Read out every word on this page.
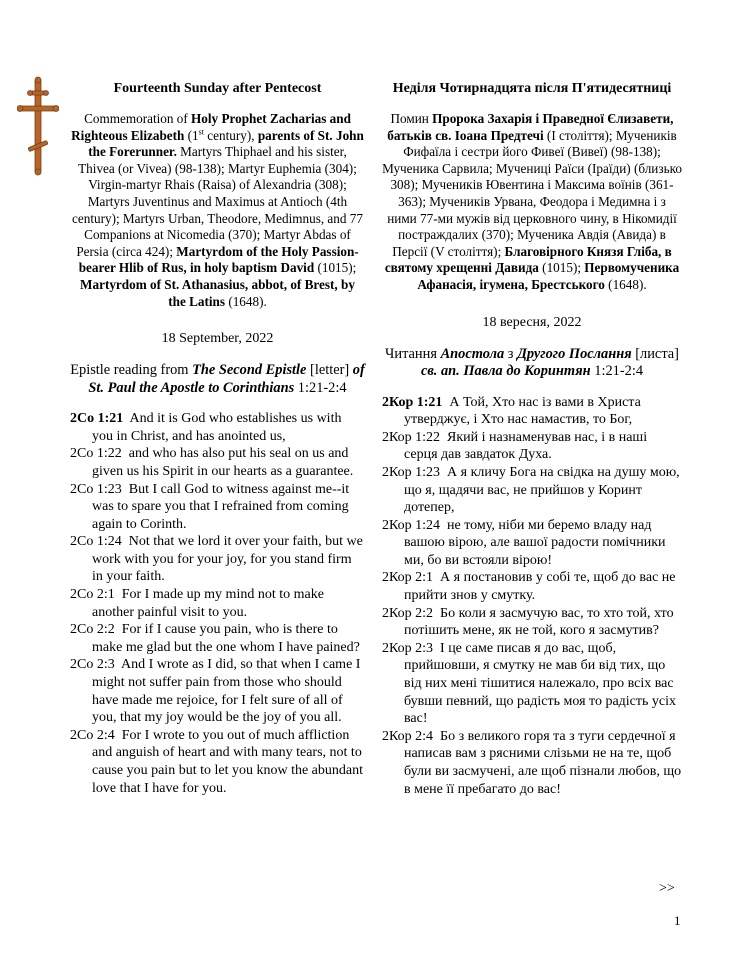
Fourteenth Sunday after Pentecost

Commemoration of Holy Prophet Zacharias and Righteous Elizabeth (1st century), parents of St. John the Forerunner. Martyrs Thiphael and his sister, Thivea (or Vivea) (98-138); Martyr Euphemia (304); Virgin-martyr Rhais (Raisa) of Alexandria (308); Martyrs Juventinus and Maximus at Antioch (4th century); Martyrs Urban, Theodore, Medimnus, and 77 Companions at Nicomedia (370); Martyr Abdas of Persia (circa 424); Martyrdom of the Holy Passion-bearer Hlib of Rus, in holy baptism David (1015); Martyrdom of St. Athanasius, abbot, of Brest, by the Latins (1648).
18 September, 2022
Epistle reading from The Second Epistle [letter] of St. Paul the Apostle to Corinthians 1:21-2:4

2Co 1:21 And it is God who establishes us with you in Christ, and has anointed us,

2Co 1:22 and who has also put his seal on us and given us his Spirit in our hearts as a guarantee.

2Co 1:23 But I call God to witness against me--it was to spare you that I refrained from coming again to Corinth.

2Co 1:24 Not that we lord it over your faith, but we work with you for your joy, for you stand firm in your faith.

2Co 2:1 For I made up my mind not to make another painful visit to you.

2Co 2:2 For if I cause you pain, who is there to make me glad but the one whom I have pained?

2Co 2:3 And I wrote as I did, so that when I came I might not suffer pain from those who should have made me rejoice, for I felt sure of all of you, that my joy would be the joy of you all.

2Co 2:4 For I wrote to you out of much affliction and anguish of heart and with many tears, not to cause you pain but to let you know the abundant love that I have for you.

Неділя Чотирнадцята після П'ятидесятниці

Помин Пророка Захарія і Праведної Єлизавети, батьків св. Іоана Предтечі (I століття); Мучеників Фифаїла і сестри його Фивеї (Вивеї) (98-138); Мученика Сарвила; Мучениці Раїси (Іраїди) (близько 308); Мучеників Ювентина і Максима воїнів (361-363); Мучеників Урвана, Феодора і Медимна і з ними 77-ми мужів від церковного чину, в Нікомидії постраждалих (370); Мученика Авдія (Авида) в Персії (V століття); Благовірного Князя Гліба, в святому хрещенні Давида (1015); Первомученика Афанасія, ігумена, Брестського (1648).
18 вересня, 2022
Читання Апостола з Другого Послання [листа] св. ап. Павла до Коринтян 1:21-2:4

2Кор 1:21 А Той, Хто нас із вами в Христа утверджує, і Хто нас намастив, то Бог,

2Кор 1:22 Який і назнаменував нас, і в наші серця дав завдаток Духа.

2Кор 1:23 А я кличу Бога на свідка на душу мою, що я, щадячи вас, не прийшов у Коринт дотепер,

2Кор 1:24 не тому, ніби ми беремо владу над вашою вірою, але вашої радости помічники ми, бо ви встояли вірою!

2Кор 2:1 А я постановив у собі те, щоб до вас не прийти знов у смутку.

2Кор 2:2 Бо коли я засмучую вас, то хто той, хто потішить мене, як не той, кого я засмутив?

2Кор 2:3 І це саме писав я до вас, щоб, прийшовши, я смутку не мав би від тих, що від них мені тішитися належало, про всіх вас бувши певний, що радість моя то радість усіх вас!

2Кор 2:4 Бо з великого горя та з туги сердечної я написав вам з рясними слізьми не на те, щоб були ви засмучені, але щоб пізнали любов, що в мене її пребагато до вас!

>>
1
